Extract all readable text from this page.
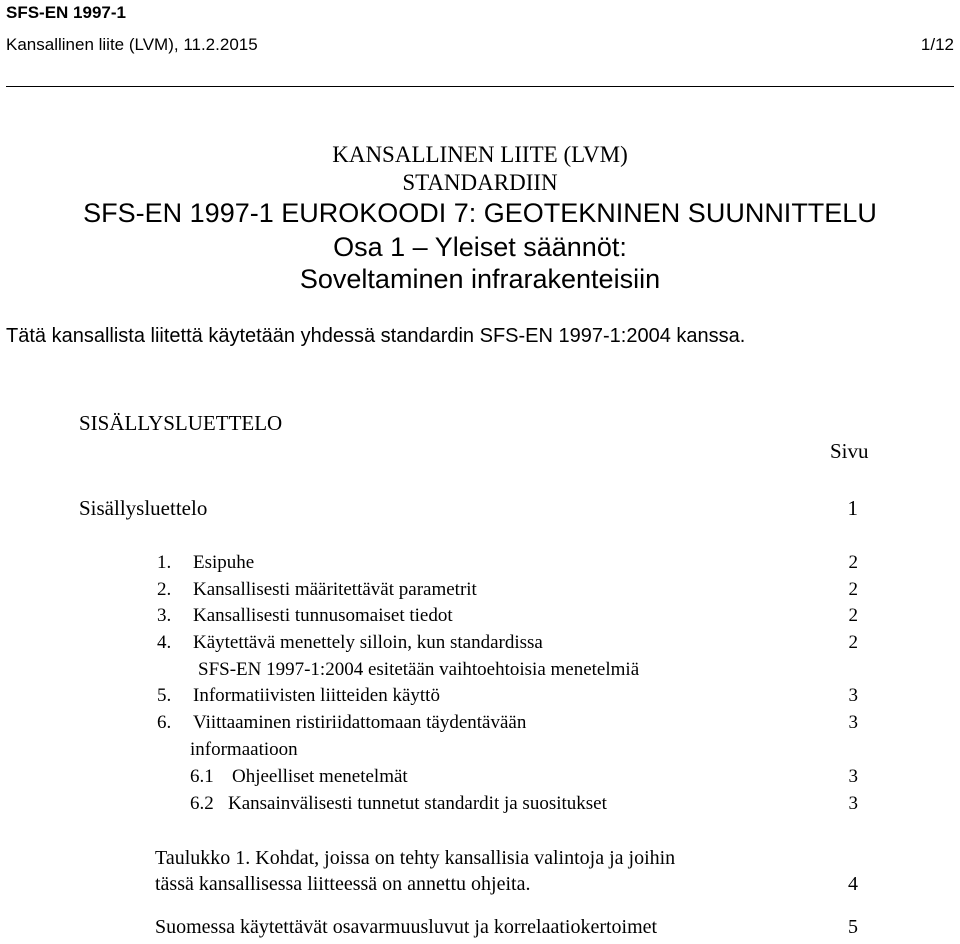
SFS-EN 1997-1
Kansallinen liite (LVM), 11.2.2015	1/12
KANSALLINEN LIITE (LVM)
STANDARDIIN
SFS-EN 1997-1 EUROKOODI 7: GEOTEKNINEN SUUNNITTELU
Osa 1 – Yleiset säännöt:
Soveltaminen infrarakenteisiin
Tätä kansallista liitettä käytetään yhdessä standardin SFS-EN 1997-1:2004 kanssa.
SISÄLLYSLUETTELO
Sivu
Sisällysluettelo	1
1. Esipuhe	2
2. Kansallisesti määritettävät parametrit	2
3. Kansallisesti tunnusomaiset tiedot	2
4. Käytettävä menettely silloin, kun standardissa	2
SFS-EN 1997-1:2004 esitetään vaihtoehtoisia menetelmiä
5. Informatiivisten liitteiden käyttö	3
6. Viittaaminen ristiriidattomaan täydentävään	3
informaatioon
6.1 Ohjeelliset menetelmät	3
6.2 Kansainvälisesti tunnetut standardit ja suositukset	3
Taulukko 1. Kohdat, joissa on tehty kansallisia valintoja ja joihin
tässä kansallisessa liitteessä on annettu ohjeita.	4
Suomessa käytettävät osavarmuusluvut ja korrelaatiokertoimet	5
